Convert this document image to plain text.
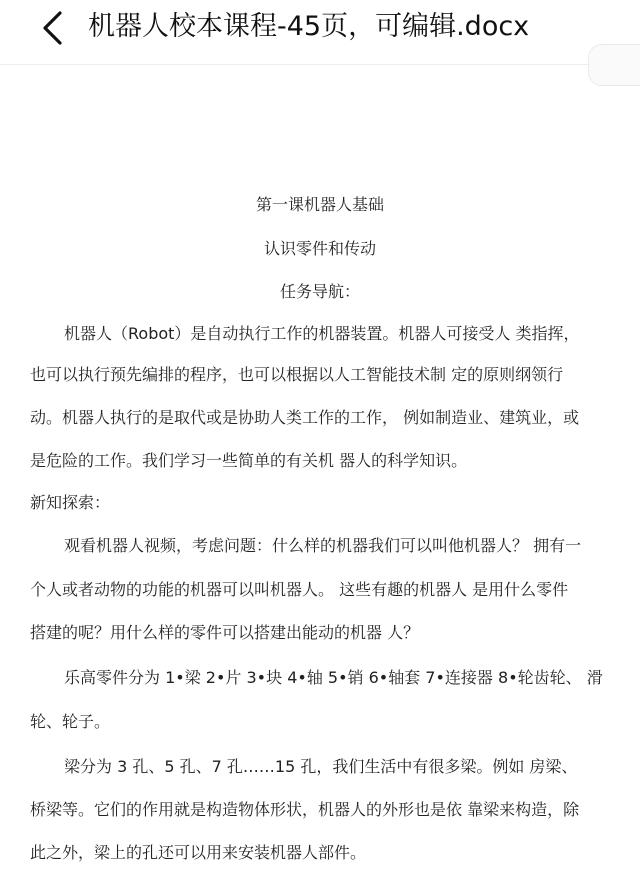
机器人校本课程-45页，可编辑.docx
第一课机器人基础
认识零件和传动
任务导航：
机器人（Robot）是自动执行工作的机器装置。机器人可接受人 类指挥，
也可以执行预先编排的程序，也可以根据以人工智能技术制 定的原则纲领行
动。机器人执行的是取代或是协助人类工作的工作， 例如制造业、建筑业，或
是危险的工作。我们学习一些简单的有关机 器人的科学知识。
新知探索：
观看机器人视频，考虑问题：什么样的机器我们可以叫他机器人？ 拥有一
个人或者动物的功能的机器可以叫机器人。 这些有趣的机器人 是用什么零件
搭建的呢？用什么样的零件可以搭建出能动的机器 人？
乐高零件分为 1•梁 2•片 3•块 4•轴 5•销 6•轴套 7•连接器 8•轮齿轮、 滑
轮、轮子。
梁分为 3 孔、5 孔、7 孔……15 孔，我们生活中有很多梁。例如 房梁、
桥梁等。它们的作用就是构造物体形状，机器人的外形也是依 靠梁来构造，除
此之外，梁上的孔还可以用来安装机器人部件。
